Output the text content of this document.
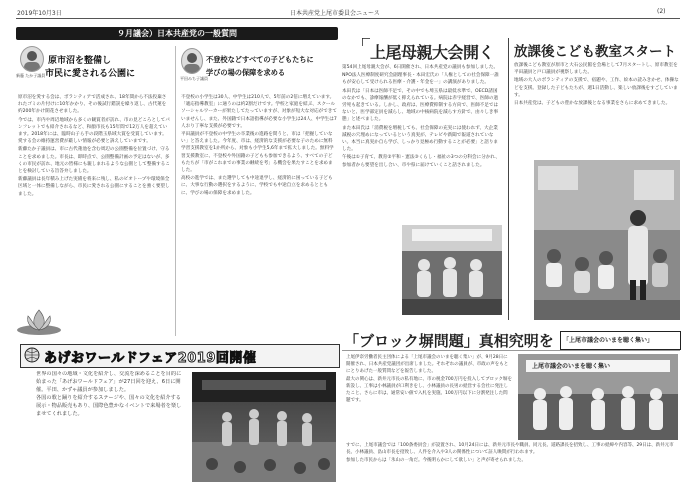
2019年10月3日	日本共産党上尾市委員会ニュース	(2)
９月議会）日本共産党の一般質問
新藤 たか子議員
原市沼を整備し
市民に愛される公園に

原市沼を愛する会は、ボランティアで活成され、18年間から不法投棄されたゴミの片付けに10年かかり、その後試行錯誤を繰り返し、古代蓮を約200年かけ開花させました。

今では、市内や周辺地域から多くの観賞者が訪れ、市の見どころとしてパンフレットでも紹介されるなど、和顔市長も15年間で12万人を超えています。2018年には、臨時山子ら手の段階玉県域大賞を受賞しています。愛する会の維持運営費が厳しい情報が必要と訴えしていまです。

新藤たか子議員は、市に古代蓮池を含む周辺の公園整備を位置づけ、守ることを求めました。市長は、即時点で、公園整備計画の予定はないが、多くの市民が訪れ、地元の皆様にも親しまれるような公園として整備することを検討している旨答弁しました。

新藤議員は長年積み上げた実績を将来に残し、私のビオトープや環境保全区域と一体に整備しながら、市民に愛される公園にすることを強く要望しました。

平田みち子議員
不登校などすべての子どもたちに
学びの場の保障を求める

不登校の小学生は30人、中学生は210人で、5年前の2倍に増えています。「適応指導教室」に通うのは約2割だけです。学校と家庭を結ぶ、スクールソーシャルワーカーが果たしてたっていますが、対象が短大な対応ができていませんし、また、外国籍で日本語指導が必要な小学生は24人、中学生は7人おり丁寧な支援が必要です。

平田議員が不登校の中学生の卒業後の進路を問うと、市は「把握していない」と答えました。今年度、市は、経済的な支援が必要な子のために無料学習支援教室を1か所から、対象も小学生5,6年まで拡大しました。無料学習支援教室に、不登校や外国籍の子どもも参加できるよう、すべての子どもたちが「市がこれまでの事業の継続を考」る機会を果たすことを求めました。

高校の進学では、また選学しても中途退学し、経済的に困っている子どもに、大事な行動の選択をするように、学校でも中途自立を求めるとともに、学びの場の保障を求めました。

あげおワールドフェア2019回開催

世界の国々の地域・文化を紹介し、交流を深めることを目的に始まった「あげおワールドフェア」が27日回を迎え、6日に開催。平田、かずゃ議員が参加しました。

各国の歌と踊りを紹介するステージや、国々の文化を紹介する展示・物品販売もあり、国際色豊かなイベントで来場者を楽しませてくれました。

上尾母親大会開く

第54回上尾母親大会が、6日開催され、日本共産党の議員も参加しました。

NPO法人医療制度研究会副理事長・本田宏氏の「人権としての社会保障一誰もが安心して受けられる医療・介護・年金を一」の講演がありました。

本田氏は「日本は医師不足で、その中でも埼玉県は最低水準で、OECD諸国のなかでも、診療報酬が低く抑えられている。病院は赤字経営で、医師の過労死も起きている。しかし、政府は、医療費抑制する方向で、医師不足ではないと、医学部定員を減らし、地域の中核病院を減らす方針で、由々しき事態」と述べました。

また本田氏は「消費税を増税しても、社会保障の充実には使われず、大企業減税の穴埋めになっているという真実が、テレビや新聞で報道されていない。本当に真実か自ら学び、しっかり見極め行動することが必要」と語りました。

午後は①子育て、教育②平和・憲法③くらし・福祉の3つの分科会に分かれ、参加者から要望を出し合い、市や県に届けていくこと話されました。

放課後こども教室スタート

放課後こども教室が原市と大石公民館を会場として7月スタートし、原市教室を平田議員と戸口議員が視察しました。

地域の大人のボランティアの支援で、宿題や、工作、絵本の読みきかせ、体操などを支援。登録した子どもたちが、週1日活動し、楽しい放課後をすごしています。

日本共産党は、子どもの豊かな放課後となる事業をさらに求めてきました。

「ブロック塀問題」真相究明を 「上尾市議会のいまを聴く集い」

上尾伊奈労働者民主団体による「上尾市議会のいまを聴く集い」が、9月28日に開催され、日本共産党議団が出席しました。それぞれの議員が、市政の声をもとにとりあげた一般質問などを報告しました。

最大の関心は、新井元市長の私有地に、市の税金700万円を投入してブロック塀を新設し、工事は小林議員が口利きをし、小林議員の長男の経営する会社に発注したこと、さらに市は、通常安い値で入札を実施、100万円以下に分割発注した問題です。

すでに、上尾市議会では「100条委員会」が設置され、10月24日には、新井元市長や職員、同元長、道路課長を招致し、工事の経緯や内容等、29日は、新井元市長、小林議員、畠山市長を招致し、人件を介入や3人の関係性について証人喚問が行われます。

参加した市民からは「氷山の一角だ。今後明らかにして欲しい」と声が寄せられました。

上尾市議会のいまを聴く集い
